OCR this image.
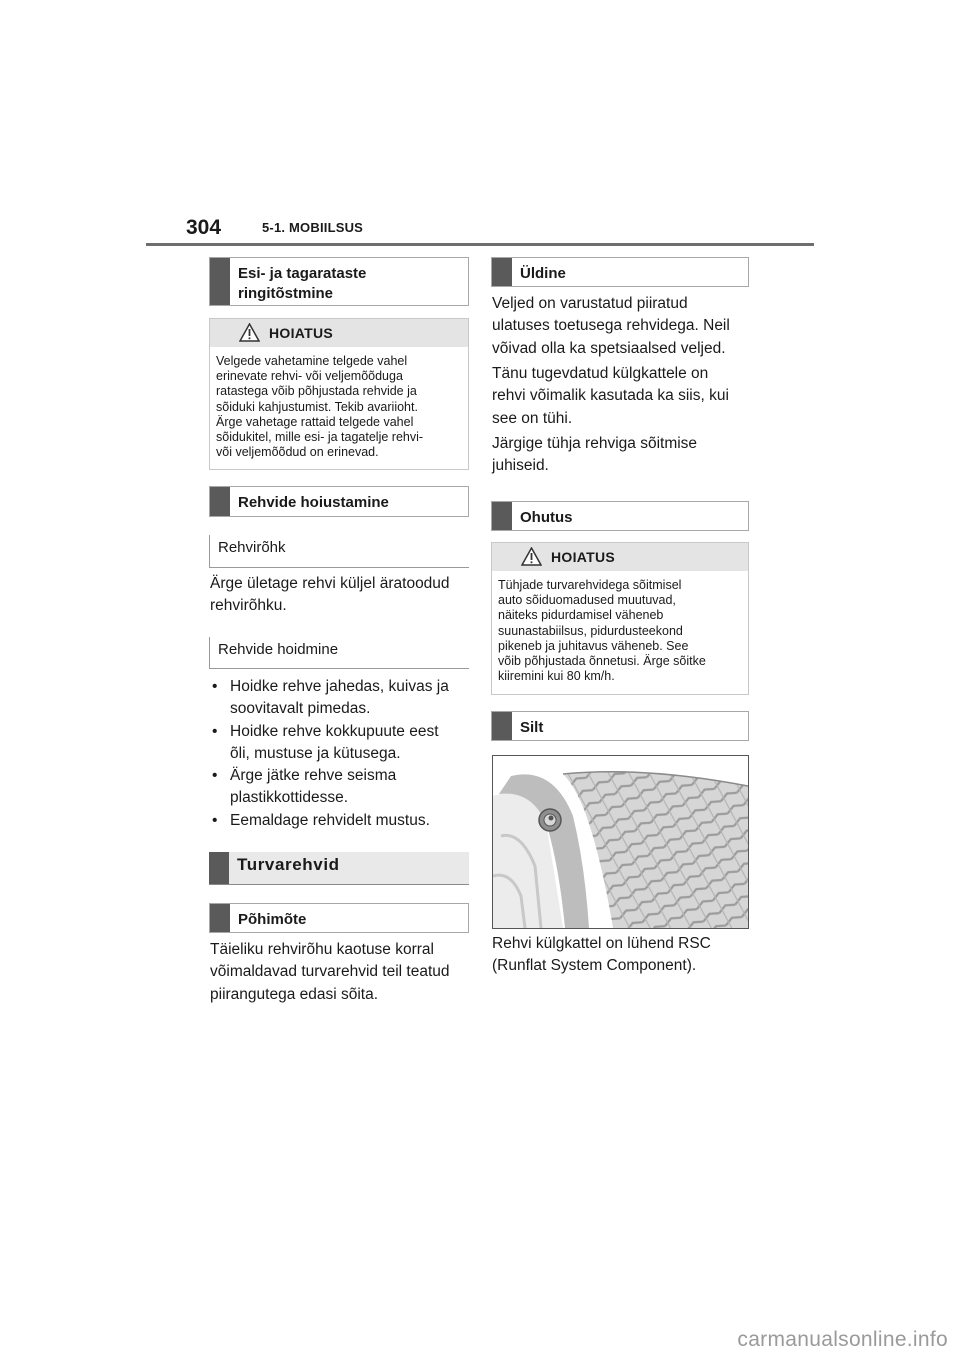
304	5-1. MOBIILSUS
Esi- ja tagarataste ringitõstmine
HOIATUS
Velgede vahetamine telgede vahel
erinevate rehvi- või veljemõõduga
ratastega võib põhjustada rehvide ja
sõiduki kahjustumist. Tekib avariioht.
Ärge vahetage rattaid telgede vahel
sõidukitel, mille esi- ja tagatelje rehvi-
või veljemõõdud on erinevad.
Rehvide hoiustamine
Rehvirõhk
Ärge ületage rehvi küljel äratoodud
rehvirõhku.
Rehvide hoidmine
• Hoidke rehve jahedas, kuivas ja
soovitavalt pimedas.
• Hoidke rehve kokkupuute eest
õli, mustuse ja kütusega.
• Ärge jätke rehve seisma
plastikkottidesse.
• Eemaldage rehvidelt mustus.
Turvarehvid
Põhimõte
Täieliku rehvirõhu kaotuse korral
võimaldavad turvarehvid teil teatud
piirangutega edasi sõita.
Üldine
Veljed on varustatud piiratud
ulatuses toetusega rehvidega. Neil
võivad olla ka spetsiaalsed veljed.
Tänu tugevdatud külgkattele on
rehvi võimalik kasutada ka siis, kui
see on tühi.
Järgige tühja rehviga sõitmise
juhiseid.
Ohutus
HOIATUS
Tühjade turvarehvidega sõitmisel
auto sõiduomadused muutuvad,
näiteks pidurdamisel väheneb
suunastabiilsus, pidurdusteekond
pikeneb ja juhitavus väheneb. See
võib põhjustada õnnetusi. Ärge sõitke
kiiremini kui 80 km/h.
Silt
Rehvi külgkattel on lühend RSC
(Runflat System Component).
carmanualsonline.info
